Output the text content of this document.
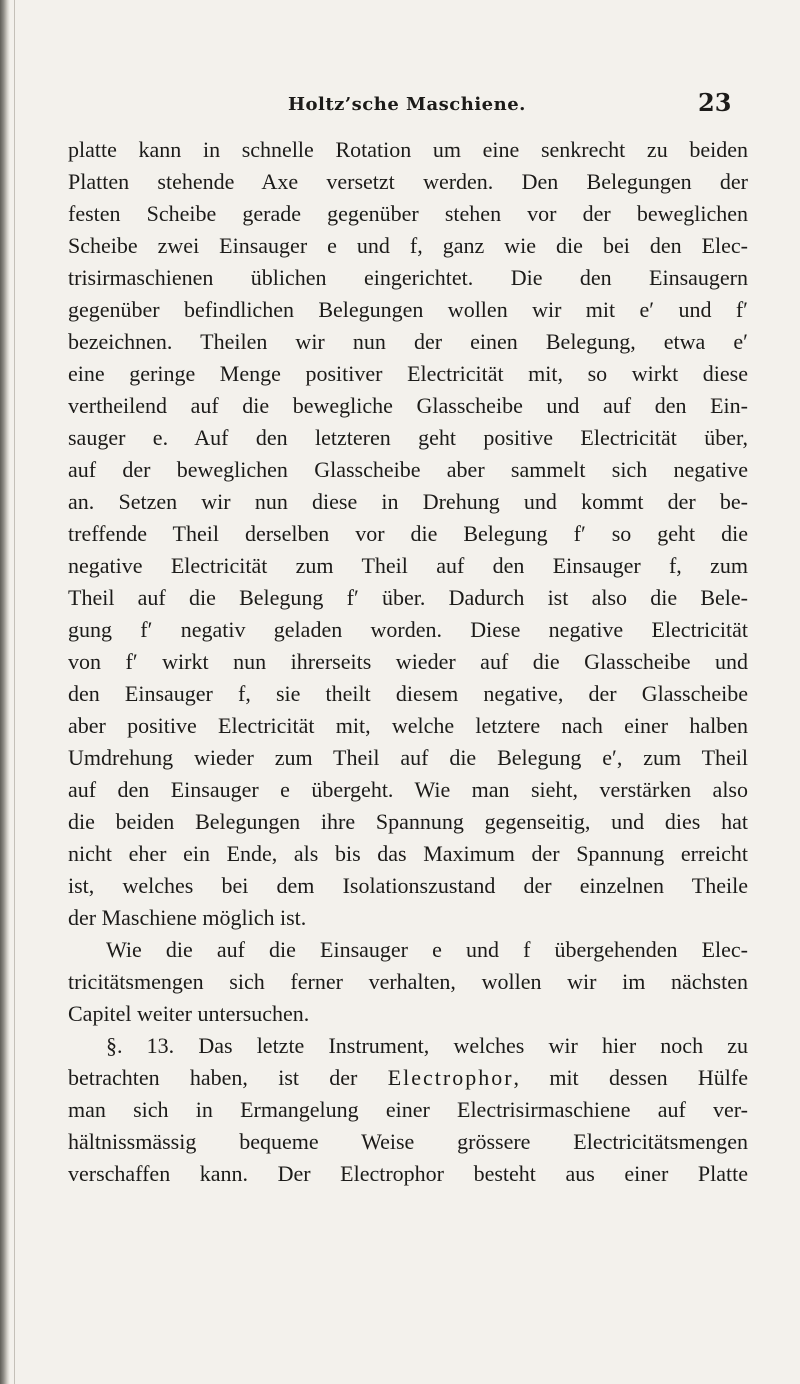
Holtz’sche Maschiene.	23
platte kann in schnelle Rotation um eine senkrecht zu beiden
Platten stehende Axe versetzt werden. Den Belegungen der
festen Scheibe gerade gegenüber stehen vor der beweglichen
Scheibe zwei Einsauger e und f, ganz wie die bei den Elec-
trisirmaschienen üblichen eingerichtet. Die den Einsaugern
gegenüber befindlichen Belegungen wollen wir mit e′ und f′
bezeichnen. Theilen wir nun der einen Belegung, etwa e′
eine geringe Menge positiver Electricität mit, so wirkt diese
vertheilend auf die bewegliche Glasscheibe und auf den Ein-
sauger e. Auf den letzteren geht positive Electricität über,
auf der beweglichen Glasscheibe aber sammelt sich negative
an. Setzen wir nun diese in Drehung und kommt der be-
treffende Theil derselben vor die Belegung f′ so geht die
negative Electricität zum Theil auf den Einsauger f, zum
Theil auf die Belegung f′ über. Dadurch ist also die Bele-
gung f′ negativ geladen worden. Diese negative Electricität
von f′ wirkt nun ihrerseits wieder auf die Glasscheibe und
den Einsauger f, sie theilt diesem negative, der Glasscheibe
aber positive Electricität mit, welche letztere nach einer halben
Umdrehung wieder zum Theil auf die Belegung e′, zum Theil
auf den Einsauger e übergeht. Wie man sieht, verstärken also
die beiden Belegungen ihre Spannung gegenseitig, und dies hat
nicht eher ein Ende, als bis das Maximum der Spannung erreicht
ist, welches bei dem Isolationszustand der einzelnen Theile
der Maschiene möglich ist.
Wie die auf die Einsauger e und f übergehenden Elec-
tricitätsmengen sich ferner verhalten, wollen wir im nächsten
Capitel weiter untersuchen.
§. 13. Das letzte Instrument, welches wir hier noch zu
betrachten haben, ist der Electrophor, mit dessen Hülfe
man sich in Ermangelung einer Electrisirmaschiene auf ver-
hältnissmässig bequeme Weise grössere Electricitätsmengen
verschaffen kann. Der Electrophor besteht aus einer Platte
